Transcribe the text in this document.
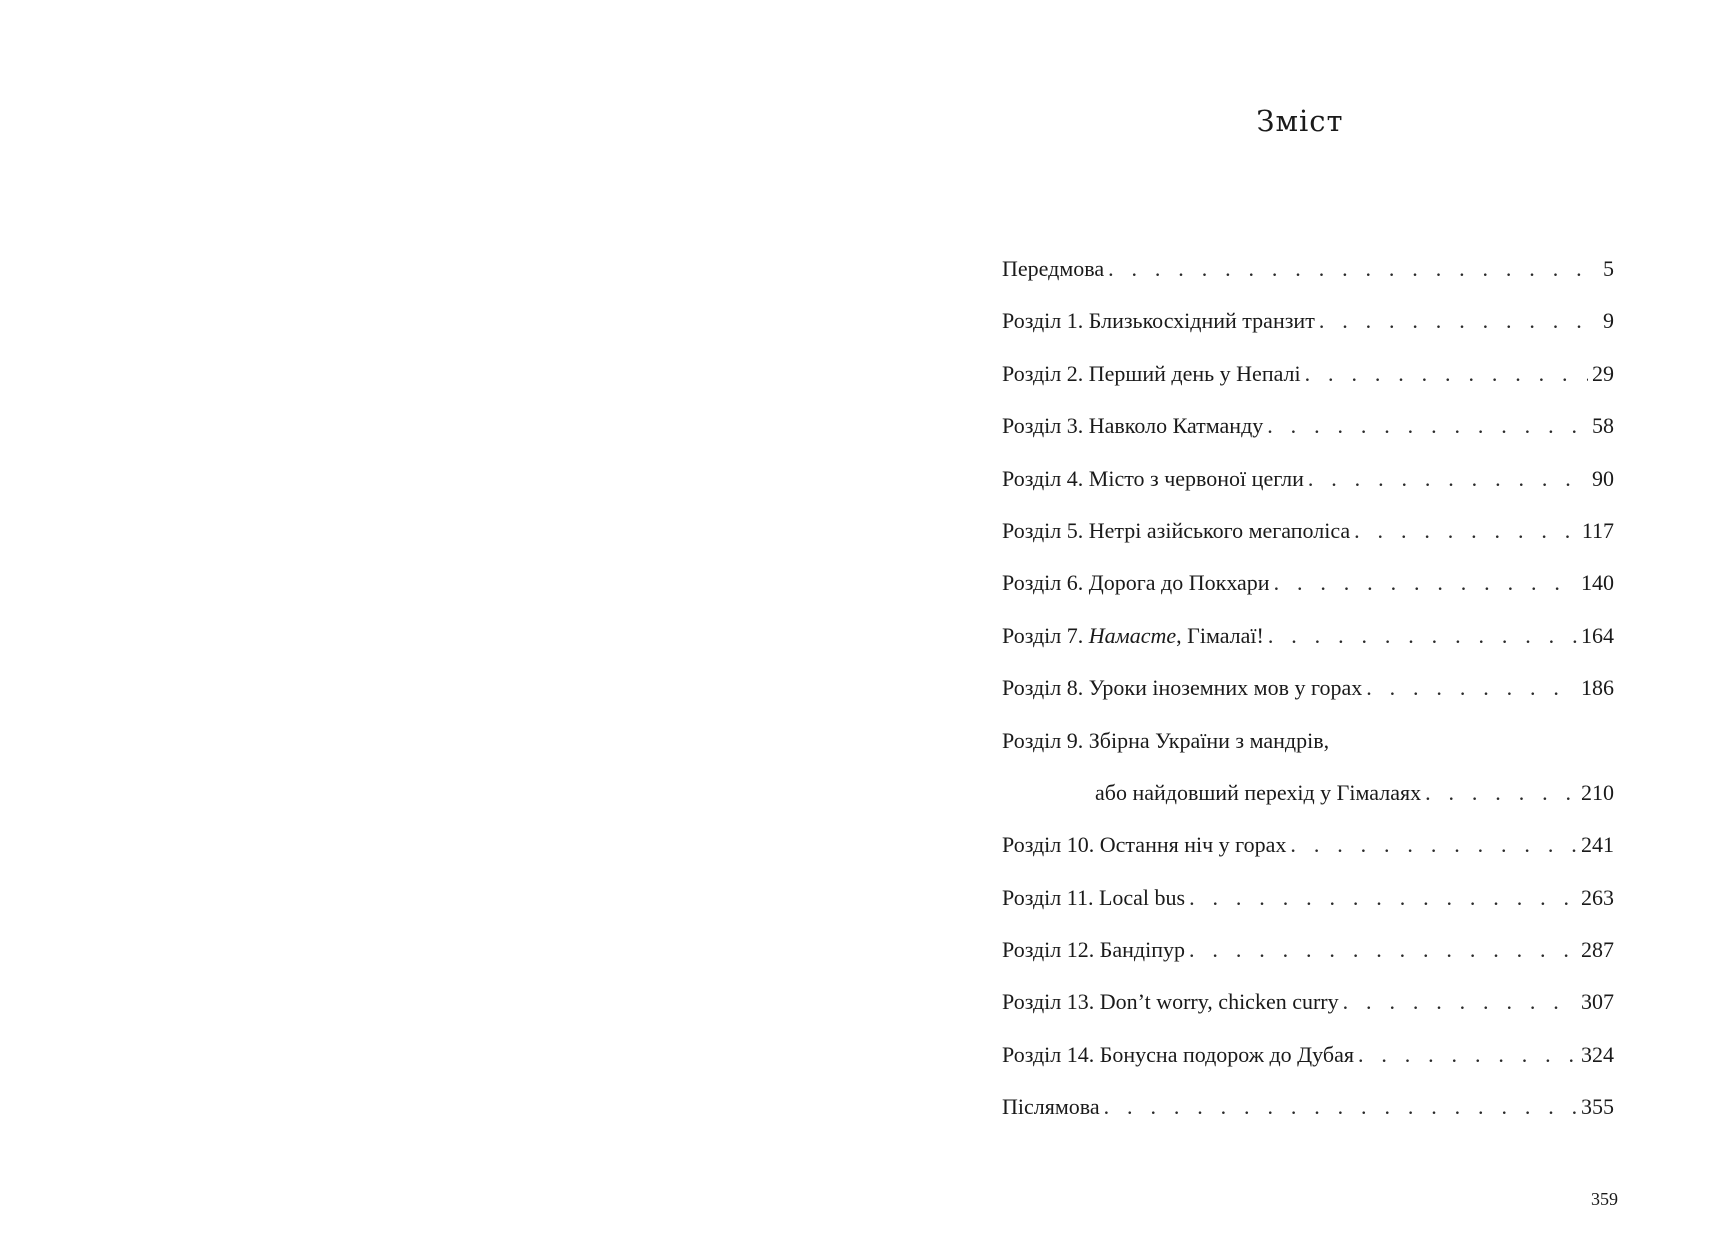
Зміст
Передмова . . .	5
Розділ 1. Близькосхідний транзит . . .	9
Розділ 2. Перший день у Непалі . . .	29
Розділ 3. Навколо Катманду . . .	58
Розділ 4. Місто з червоної цегли . . .	90
Розділ 5. Нетрі азійського мегаполіса . . .	117
Розділ 6. Дорога до Покхари . . .	140
Розділ 7. Намасте, Гімалаї! . . .	164
Розділ 8. Уроки іноземних мов у горах . . .	186
Розділ 9. Збірна України з мандрів,
або найдовший перехід у Гімалаях . . .	210
Розділ 10. Остання ніч у горах . . .	241
Розділ 11. Local bus . . .	263
Розділ 12. Бандіпур . . .	287
Розділ 13. Don’t worry, chicken curry . . .	307
Розділ 14. Бонусна подорож до Дубая . . .	324
Післямова . . .	355

359
